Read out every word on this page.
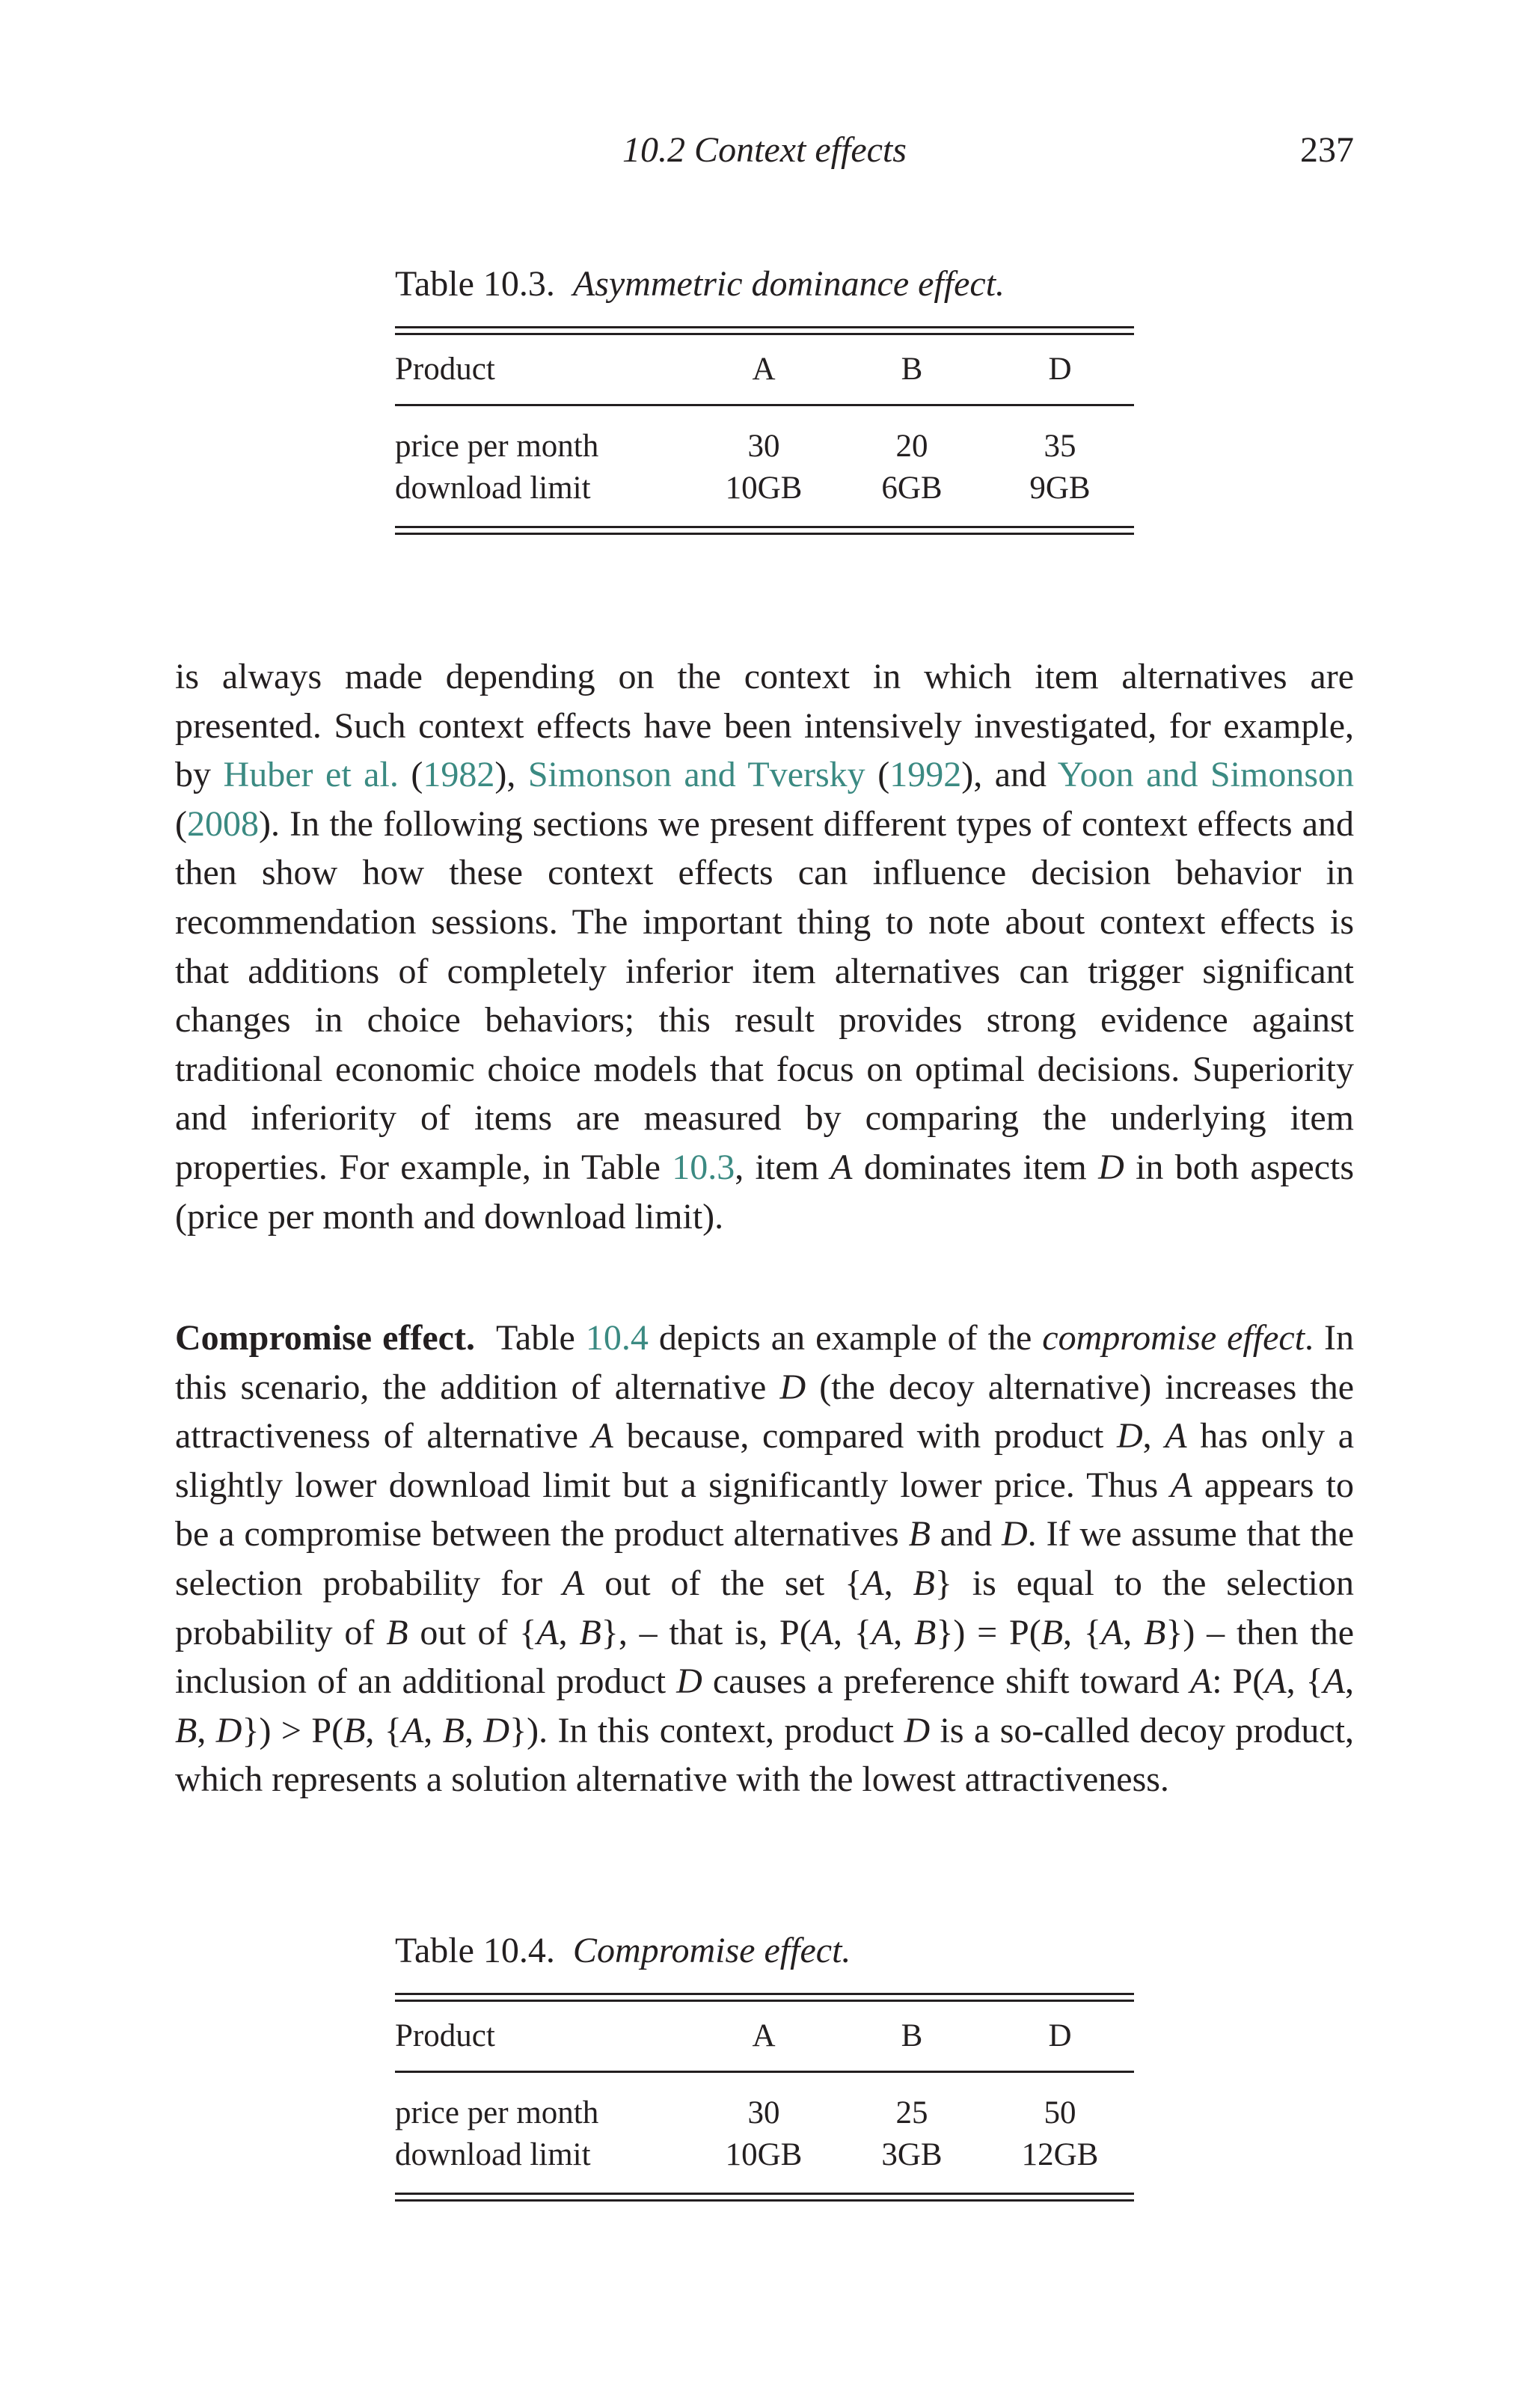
10.2 Context effects	237
Table 10.3. Asymmetric dominance effect.
Product	A	B	D
price per month	30	20	35
download limit	10GB	6GB	9GB

is always made depending on the context in which item alternatives are presented. Such context effects have been intensively investigated, for example, by Huber et al. (1982), Simonson and Tversky (1992), and Yoon and Simonson (2008). In the following sections we present different types of context effects and then show how these context effects can influence decision behavior in recommendation sessions. The important thing to note about context effects is that additions of completely inferior item alternatives can trigger significant changes in choice behaviors; this result provides strong evidence against traditional economic choice models that focus on optimal decisions. Superiority and inferiority of items are measured by comparing the underlying item properties. For example, in Table 10.3, item A dominates item D in both aspects (price per month and download limit).

Compromise effect. Table 10.4 depicts an example of the compromise effect. In this scenario, the addition of alternative D (the decoy alternative) increases the attractiveness of alternative A because, compared with product D, A has only a slightly lower download limit but a significantly lower price. Thus A appears to be a compromise between the product alternatives B and D. If we assume that the selection probability for A out of the set {A, B} is equal to the selection probability of B out of {A, B}, – that is, P(A, {A, B}) = P(B, {A, B}) – then the inclusion of an additional product D causes a preference shift toward A: P(A, {A, B, D}) > P(B, {A, B, D}). In this context, product D is a so-called decoy product, which represents a solution alternative with the lowest attractiveness.

Table 10.4. Compromise effect.
Product	A	B	D
price per month	30	25	50
download limit	10GB	3GB	12GB
